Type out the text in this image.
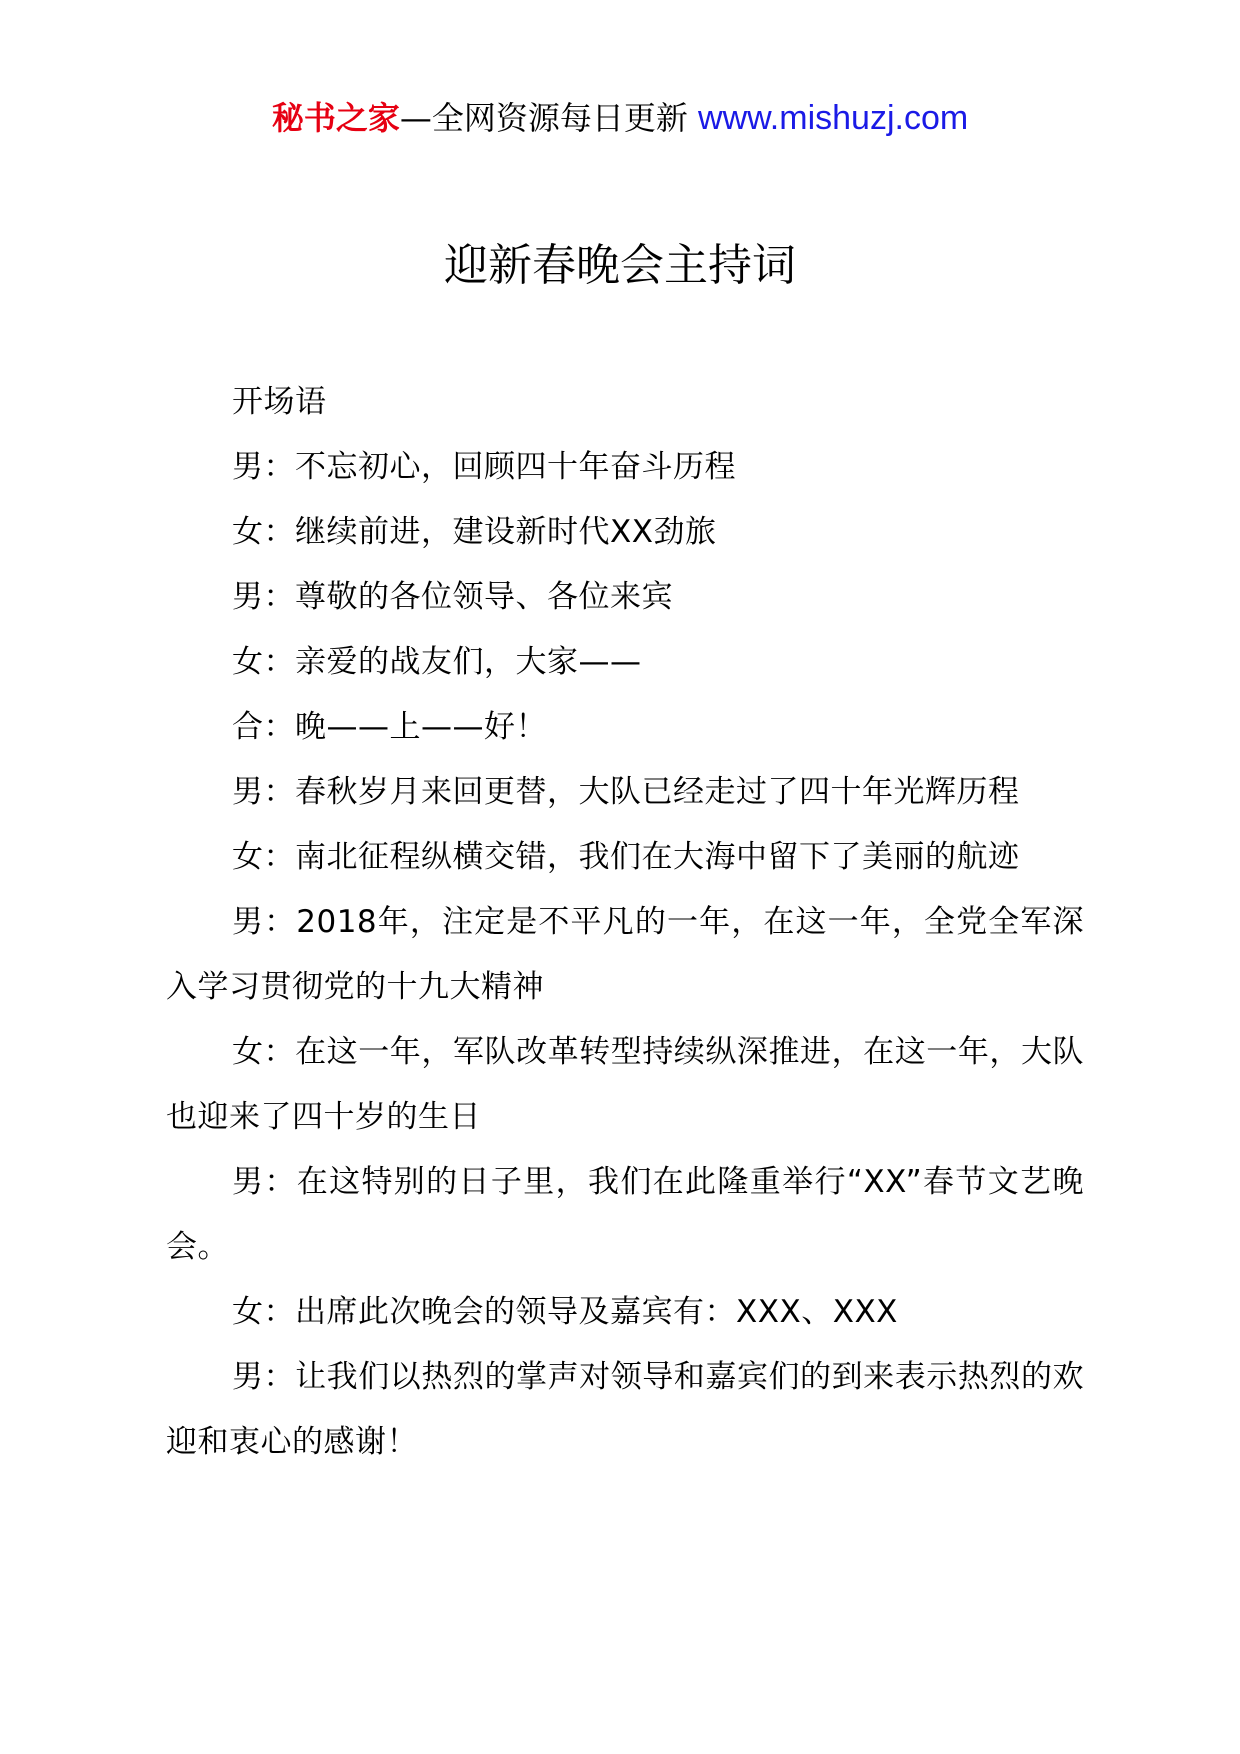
秘书之家—全网资源每日更新 www.mishuzj.com
迎新春晚会主持词

开场语

男：不忘初心，回顾四十年奋斗历程

女：继续前进，建设新时代XX劲旅

男：尊敬的各位领导、各位来宾

女：亲爱的战友们，大家——

合：晚——上——好！

男：春秋岁月来回更替，大队已经走过了四十年光辉历程

女：南北征程纵横交错，我们在大海中留下了美丽的航迹

男：2018年，注定是不平凡的一年，在这一年，全党全军深入学习贯彻党的十九大精神

女：在这一年，军队改革转型持续纵深推进，在这一年，大队也迎来了四十岁的生日

男：在这特别的日子里，我们在此隆重举行“XX”春节文艺晚会。

女：出席此次晚会的领导及嘉宾有：XXX、XXX

男：让我们以热烈的掌声对领导和嘉宾们的到来表示热烈的欢迎和衷心的感谢！
